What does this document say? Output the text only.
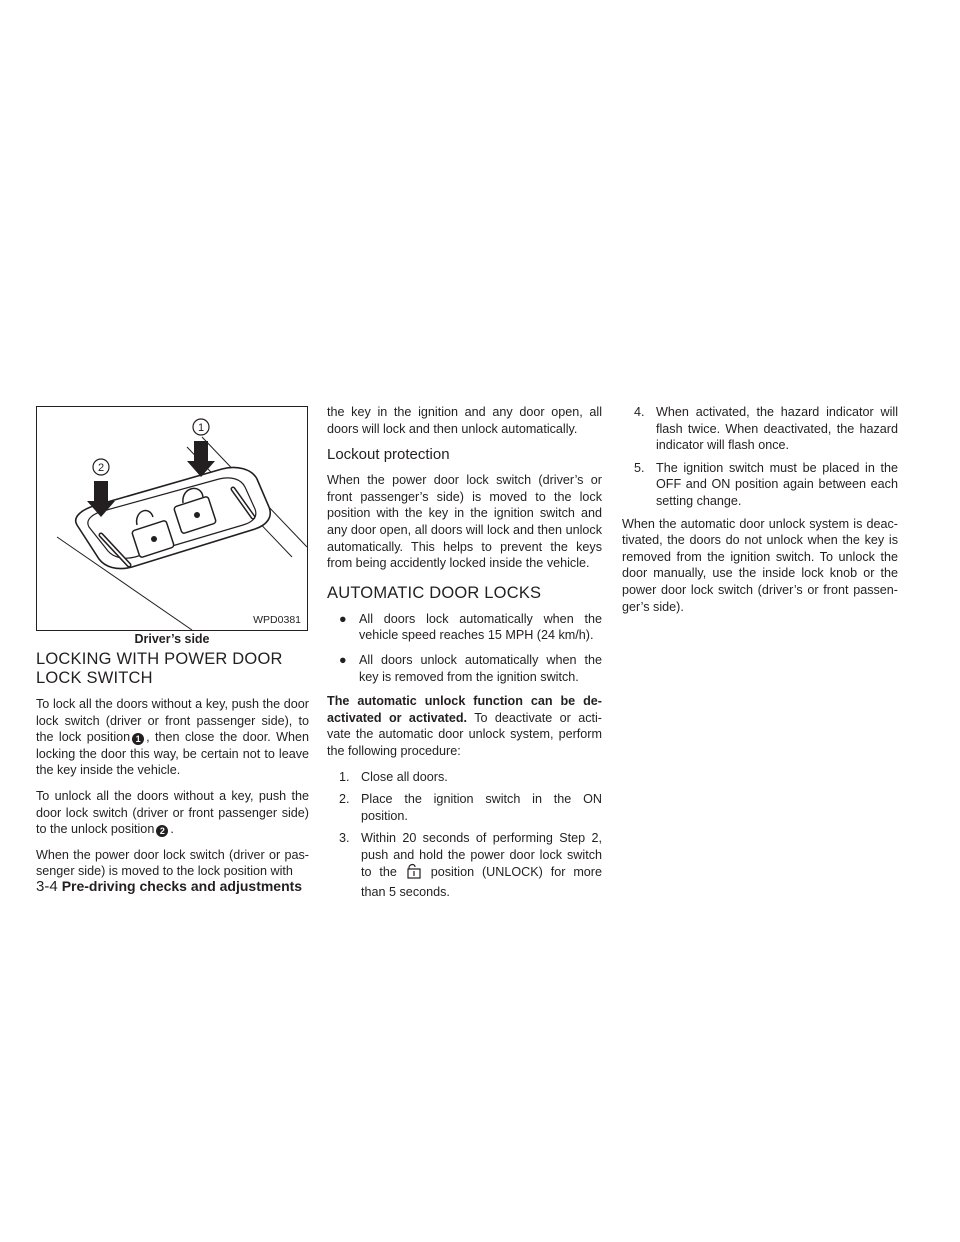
1
2
WPD0381
Driver’s side
LOCKING WITH POWER DOOR LOCK SWITCH

To lock all the doors without a key, push the door lock switch (driver or front passenger side), to the lock position 1 , then close the door. When locking the door this way, be certain not to leave the key inside the vehicle.

To unlock all the doors without a key, push the door lock switch (driver or front passenger side) to the unlock position 2 .

When the power door lock switch (driver or pas-senger side) is moved to the lock position with

the key in the ignition and any door open, all doors will lock and then unlock automatically.

Lockout protection

When the power door lock switch (driver’s or front passenger’s side) is moved to the lock position with the key in the ignition switch and any door open, all doors will lock and then unlock automatically. This helps to prevent the keys from being accidently locked inside the vehicle.

AUTOMATIC DOOR LOCKS
● All doors lock automatically when the vehicle speed reaches 15 MPH (24 km/h).
● All doors unlock automatically when the key is removed from the ignition switch.

The automatic unlock function can be de-activated or activated. To deactivate or acti-vate the automatic door unlock system, perform the following procedure:

1. Close all doors.
2. Place the ignition switch in the ON position.
3. Within 20 seconds of performing Step 2, push and hold the power door lock switch to the	position (UNLOCK) for more than 5 seconds.
4. When activated, the hazard indicator will flash twice. When deactivated, the hazard indicator will flash once.
5. The ignition switch must be placed in the OFF and ON position again between each setting change.

When the automatic door unlock system is deac-tivated, the doors do not unlock when the key is removed from the ignition switch. To unlock the door manually, use the inside lock knob or the power door lock switch (driver’s or front passen-ger’s side).

3-4 Pre-driving checks and adjustments
